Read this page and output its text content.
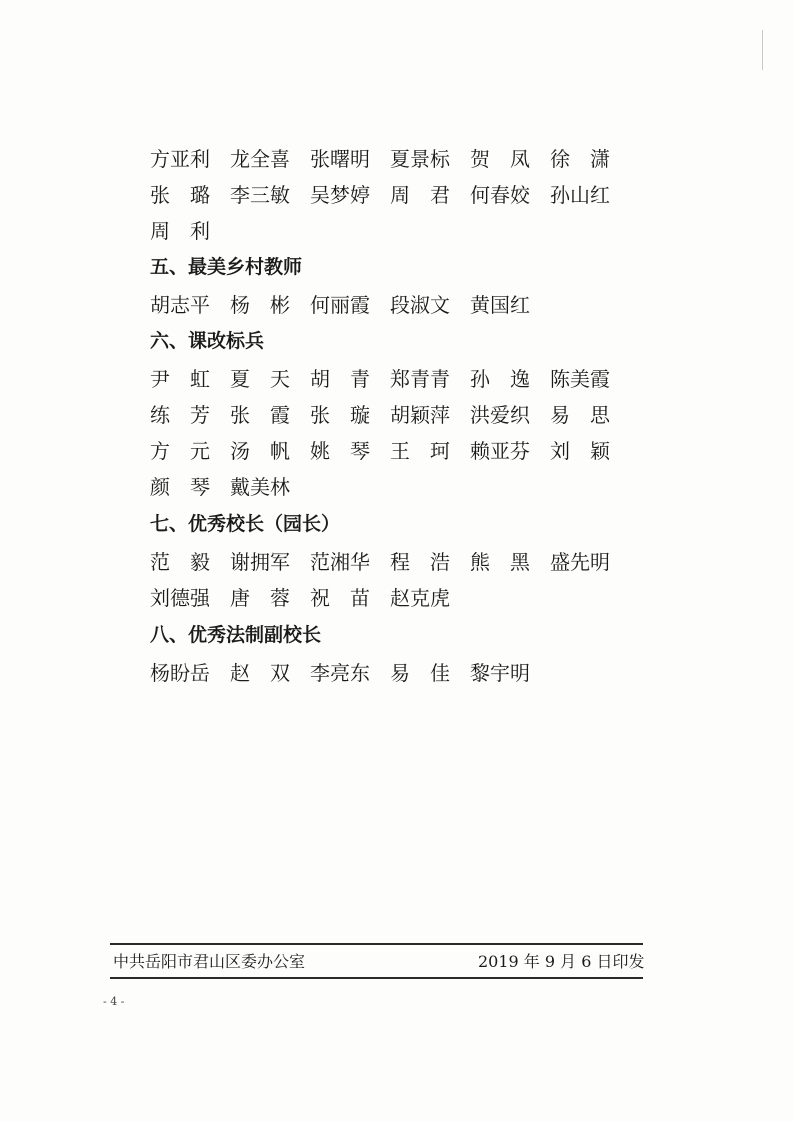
方亚利 龙全喜 张曙明 夏景标 贺　凤 徐　潇
张　璐 李三敏 吴梦婷 周　君 何春姣 孙山红
周　利
五、最美乡村教师
胡志平 杨　彬 何丽霞 段淑文 黄国红
六、课改标兵
尹　虹 夏　天 胡　青 郑青青 孙　逸 陈美霞
练　芳 张　霞 张　璇 胡颖萍 洪爱织 易　思
方　元 汤　帆 姚　琴 王　珂 赖亚芬 刘　颖
颜　琴 戴美林
七、优秀校长（园长）
范　毅 谢拥军 范湘华 程　浩 熊　黑 盛先明
刘德强 唐　蓉 祝　苗 赵克虎
八、优秀法制副校长
杨盼岳 赵　双 李亮东 易　佳 黎宇明
中共岳阳市君山区委办公室	2019 年 9 月 6 日印发
- 4 -
